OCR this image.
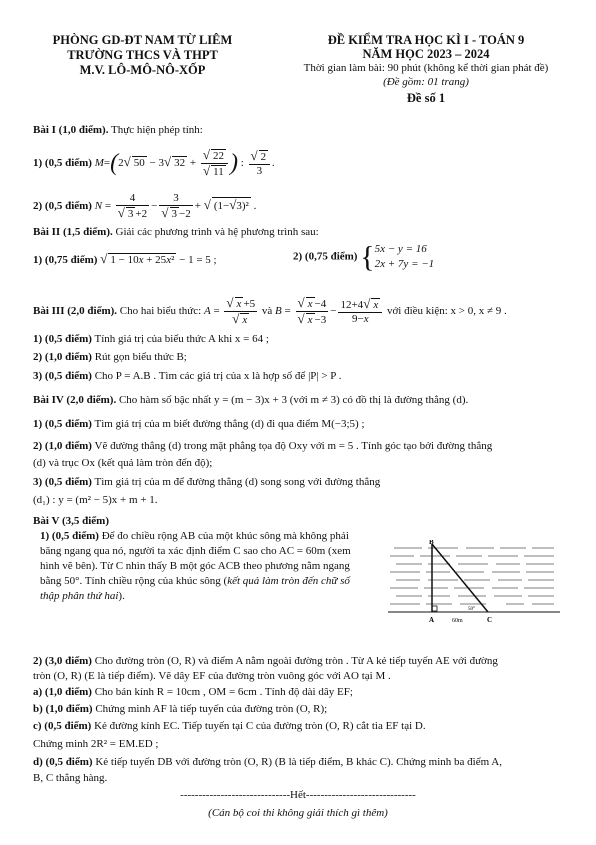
PHÒNG GD-ĐT NAM TỪ LIÊM
TRƯỜNG THCS VÀ THPT
M.V. LÔ-MÔ-NÔ-XỐP
ĐỀ KIỂM TRA HỌC KÌ I - TOÁN 9
NĂM HỌC 2023 – 2024
Thời gian làm bài: 90 phút (không kể thời gian phát đề)
(Đề gồm: 01 trang)
Đề số 1
Bài I (1,0 điểm). Thực hiện phép tính:
1) (0,5 điểm) M=(2√ 50 − 3√ $32 + \frac{√ 22}{√ 11}$ ) : $\frac{√ 2}{3}$ .
2) (0,5 điểm) $N = \frac{4}{√ 3 +2} - \frac{3}{√ 3 -2}$ + √ (1−√3)² .
Bài II (1,5 điểm). Giải các phương trình và hệ phương trình sau:
1) (0,75 điểm) √ 1 − 10x + 25x² − 1 = 5 ;	2) (0,75 điểm) { 5x − y = 16
2x + 7y = −1
Bài III (2,0 điểm). Cho hai biểu thức: $A = \frac{√ x +5}{√ x}$ và $B = \frac{√ x -4}{√ x -3} - \frac{12+4√ x}{9-x}$ với điều kiện: x > 0, x ≠ 9 .
1) (0,5 điểm) Tính giá trị của biểu thức A khi x = 64 ;
2) (1,0 điểm) Rút gọn biểu thức B;
3) (0,5 điểm) Cho P = A.B . Tìm các giá trị của x là hợp số để |P| > P .
Bài IV (2,0 điểm). Cho hàm số bậc nhất y = (m − 3)x + 3 (với m ≠ 3) có đồ thị là đường thẳng (d).
1) (0,5 điểm) Tìm giá trị của m biết đường thẳng (d) đi qua điểm M(−3;5) ;
2) (1,0 điểm) Vẽ đường thẳng (d) trong mặt phẳng tọa độ Oxy với m = 5 . Tính góc tạo bởi đường thẳng
(d) và trục Ox (kết quả làm tròn đến độ);
3) (0,5 điểm) Tìm giá trị của m để đường thẳng (d) song song với đường thẳng
(d₁) : y = (m² − 5)x + m + 1.
Bài V (3,5 điểm)
1) (0,5 điểm) Để đo chiều rộng AB của một khúc sông mà không phải băng ngang qua nó, người ta xác định điểm C sao cho AC = 60m (xem hình vẽ bên). Từ C nhìn thấy B một góc ACB theo phương nằm ngang bằng 50°. Tính chiều rộng của khúc sông (kết quả làm tròn đến chữ số thập phân thứ hai).
B
A	C
60m
50°
2) (3,0 điểm) Cho đường tròn (O, R) và điểm A nằm ngoài đường tròn . Từ A kẻ tiếp tuyến AE với đường
tròn (O, R) (E là tiếp điểm). Vẽ dây EF của đường tròn vuông góc với AO tại M .
a) (1,0 điểm) Cho bán kính R = 10cm , OM = 6cm . Tính độ dài dây EF;
b) (1,0 điểm) Chứng minh AF là tiếp tuyến của đường tròn (O, R);
c) (0,5 điểm) Kẻ đường kính EC. Tiếp tuyến tại C của đường tròn (O, R) cắt tia EF tại D.
Chứng minh 2R² = EM.ED ;
d) (0,5 điểm) Kẻ tiếp tuyến DB với đường tròn (O, R) (B là tiếp điểm, B khác C). Chứng minh ba điểm A,
B, C thẳng hàng.
------------------------------Hết------------------------------
(Cán bộ coi thi không giải thích gì thêm)
